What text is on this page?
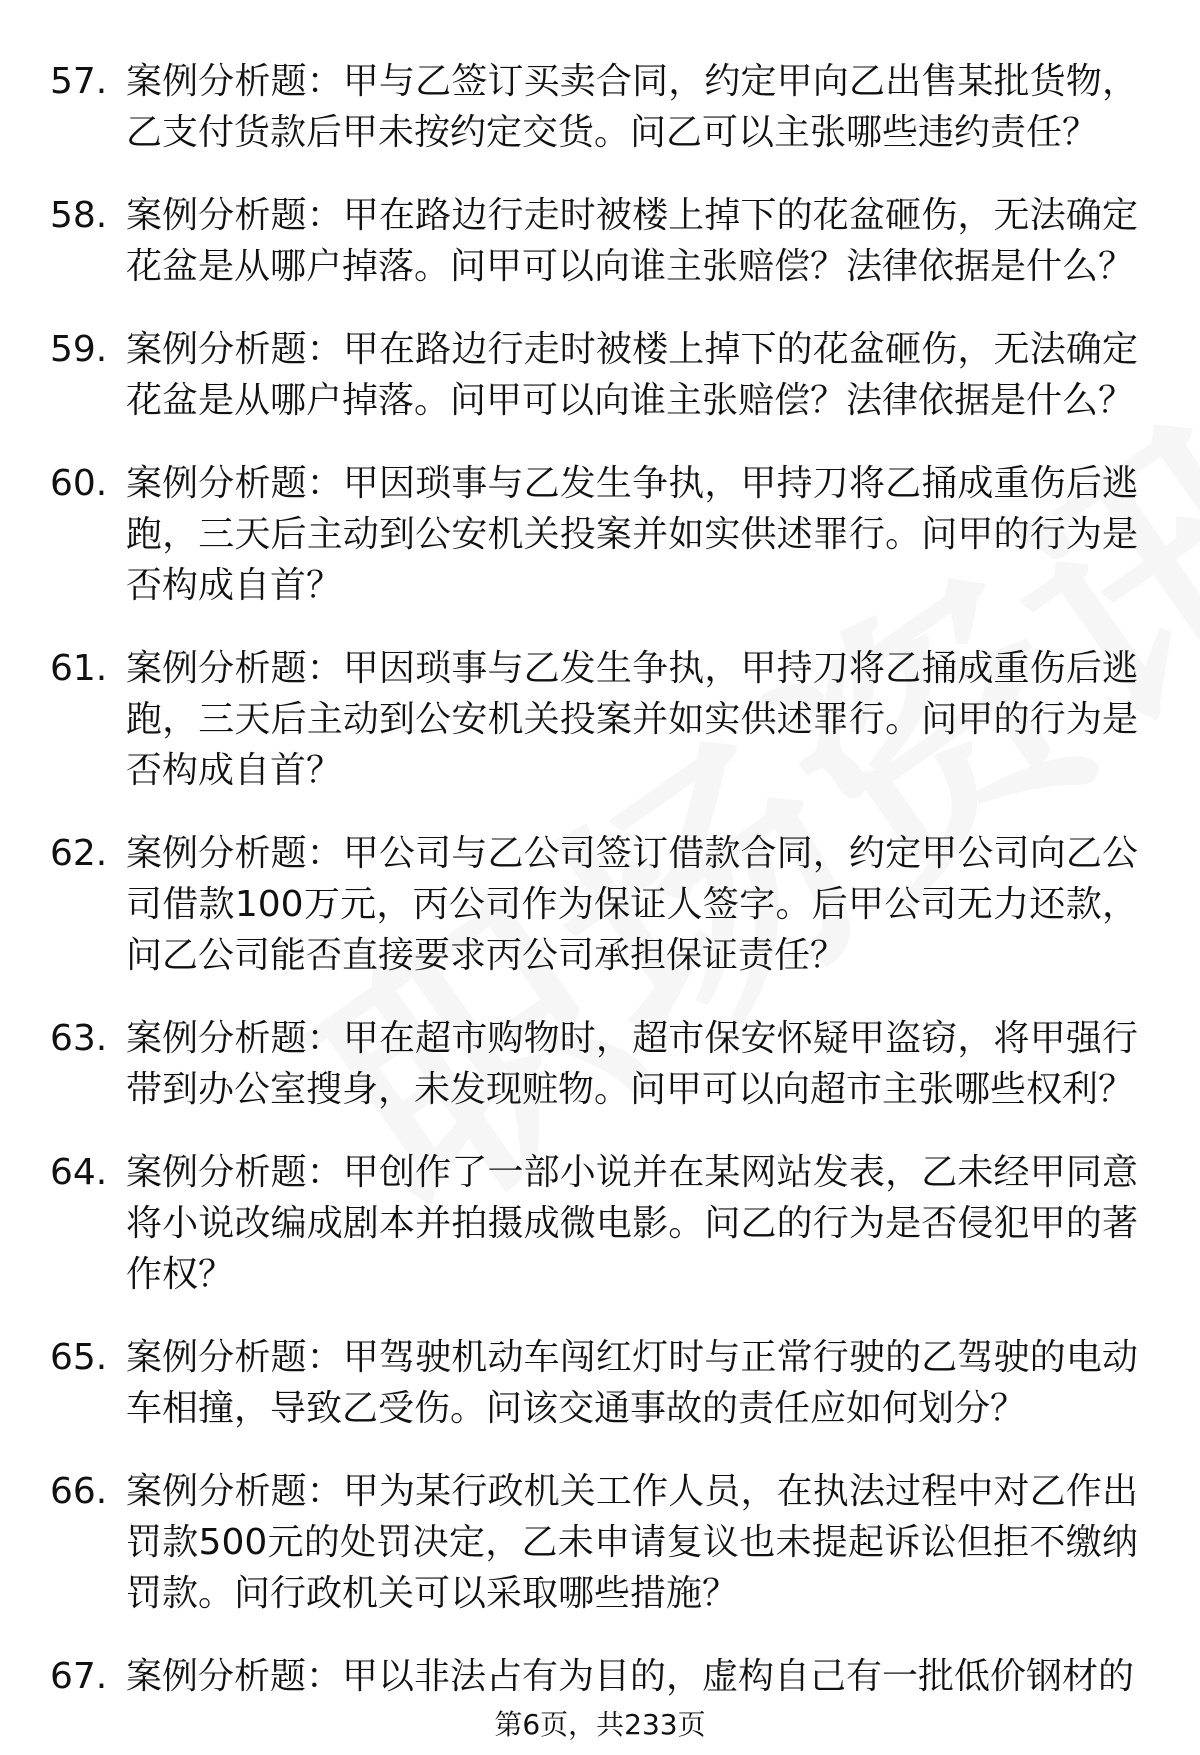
57. 案例分析题：甲与乙签订买卖合同，约定甲向乙出售某批货物，乙支付货款后甲未按约定交货。问乙可以主张哪些违约责任？
58. 案例分析题：甲在路边行走时被楼上掉下的花盆砸伤，无法确定花盆是从哪户掉落。问甲可以向谁主张赔偿？法律依据是什么？
59. 案例分析题：甲在路边行走时被楼上掉下的花盆砸伤，无法确定花盆是从哪户掉落。问甲可以向谁主张赔偿？法律依据是什么？
60. 案例分析题：甲因琐事与乙发生争执，甲持刀将乙捅成重伤后逃跑，三天后主动到公安机关投案并如实供述罪行。问甲的行为是否构成自首？
61. 案例分析题：甲因琐事与乙发生争执，甲持刀将乙捅成重伤后逃跑，三天后主动到公安机关投案并如实供述罪行。问甲的行为是否构成自首？
62. 案例分析题：甲公司与乙公司签订借款合同，约定甲公司向乙公司借款100万元，丙公司作为保证人签字。后甲公司无力还款，问乙公司能否直接要求丙公司承担保证责任？
63. 案例分析题：甲在超市购物时，超市保安怀疑甲盗窃，将甲强行带到办公室搜身，未发现赃物。问甲可以向超市主张哪些权利？
64. 案例分析题：甲创作了一部小说并在某网站发表，乙未经甲同意将小说改编成剧本并拍摄成微电影。问乙的行为是否侵犯甲的著作权？
65. 案例分析题：甲驾驶机动车闯红灯时与正常行驶的乙驾驶的电动车相撞，导致乙受伤。问该交通事故的责任应如何划分？
66. 案例分析题：甲为某行政机关工作人员，在执法过程中对乙作出罚款500元的处罚决定，乙未申请复议也未提起诉讼但拒不缴纳罚款。问行政机关可以采取哪些措施？
67. 案例分析题：甲以非法占有为目的，虚构自己有一批低价钢材的
第6页，共233页
